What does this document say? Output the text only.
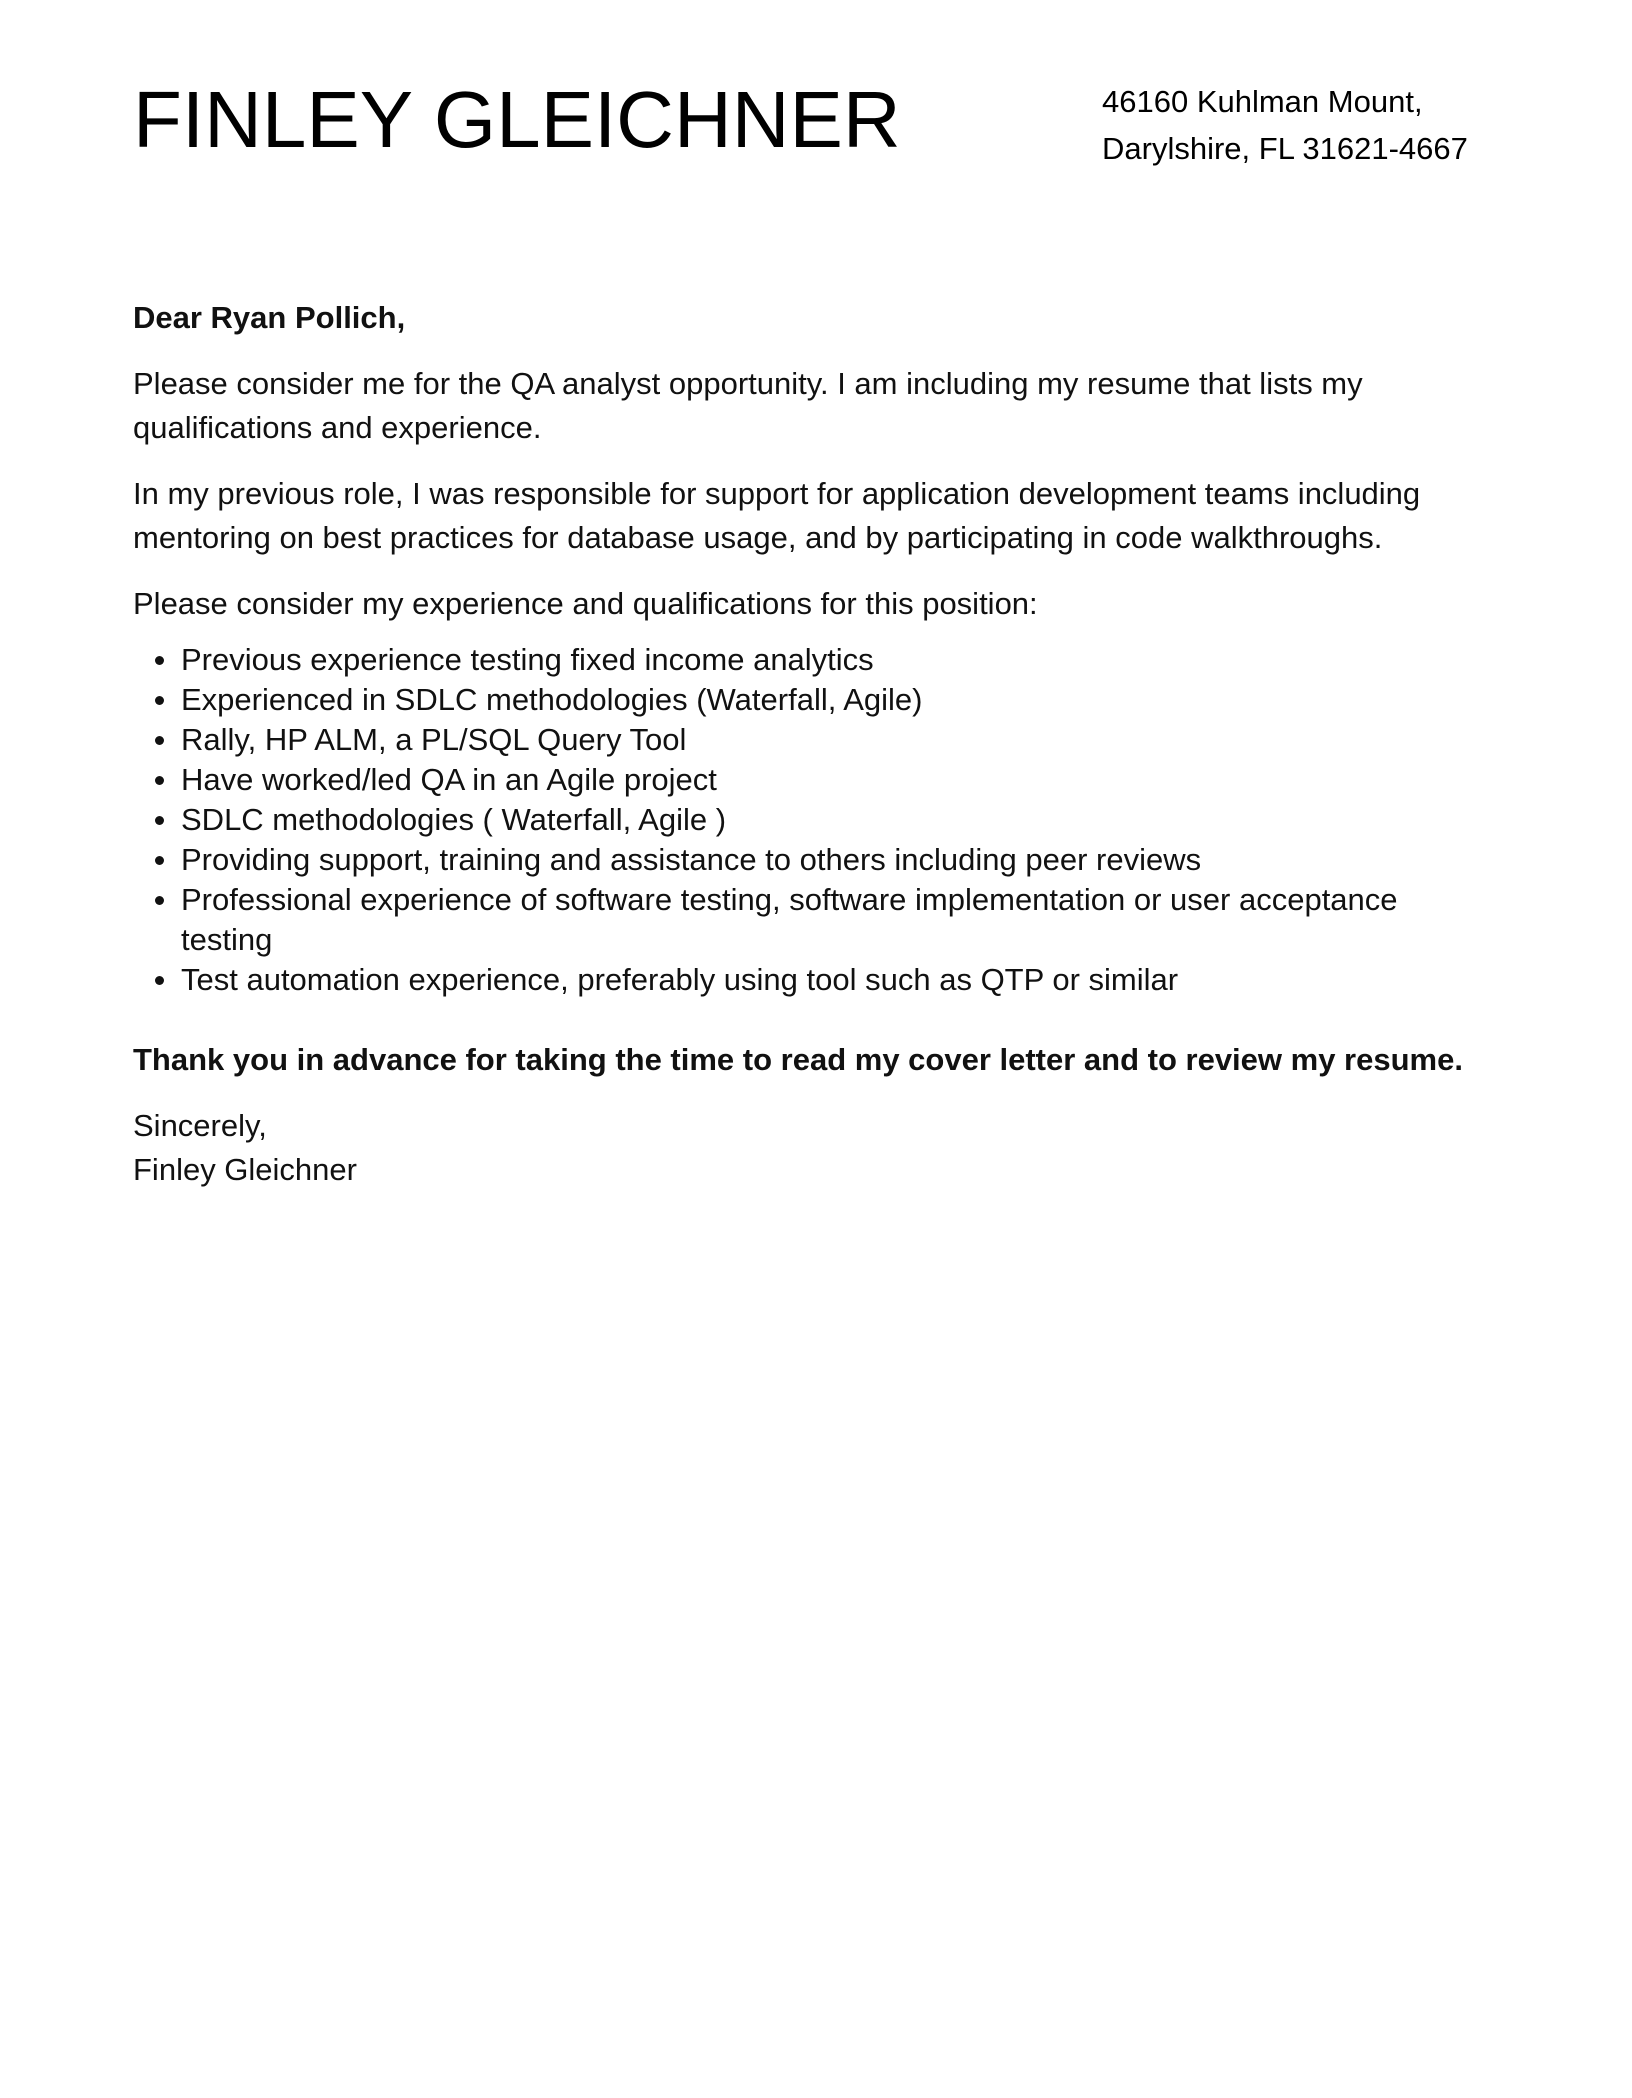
FINLEY GLEICHNER	46160 Kuhlman Mount,
Darylshire, FL 31621-4667

Dear Ryan Pollich,

Please consider me for the QA analyst opportunity. I am including my resume that lists my qualifications and experience.

In my previous role, I was responsible for support for application development teams including mentoring on best practices for database usage, and by participating in code walkthroughs.

Please consider my experience and qualifications for this position:

Previous experience testing fixed income analytics
Experienced in SDLC methodologies (Waterfall, Agile)
Rally, HP ALM, a PL/SQL Query Tool
Have worked/led QA in an Agile project
SDLC methodologies ( Waterfall, Agile )
Providing support, training and assistance to others including peer reviews
Professional experience of software testing, software implementation or user acceptance testing
Test automation experience, preferably using tool such as QTP or similar

Thank you in advance for taking the time to read my cover letter and to review my resume.

Sincerely,
Finley Gleichner
